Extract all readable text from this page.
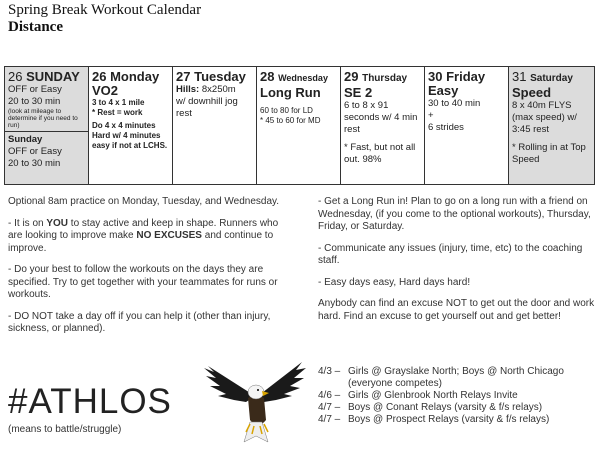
Spring Break Workout Calendar
Distance
26 SUNDAY
OFF or Easy
20 to 30 min
(look at mileage to determine if you need to run)
Sunday
OFF or Easy
20 to 30 min

26 Monday
VO2
3 to 4 x 1 mile
* Rest = work
Do 4 x 4 minutes Hard w/ 4 minutes easy if not at LCHS.

27 Tuesday
Hills: 8x250m
w/ downhill jog rest

28 Wednesday
Long Run
60 to 80 for LD
* 45 to 60 for MD

29 Thursday
SE 2
6 to 8 x 91 seconds w/ 4 min rest
* Fast, but not all out. 98%

30 Friday
Easy
30 to 40 min
+
6 strides

31 Saturday
Speed
8 x 40m FLYS (max speed) w/ 3:45 rest
* Rolling in at Top Speed

Optional 8am practice on Monday, Tuesday, and Wednesday.

- It is on YOU to stay active and keep in shape. Runners who are looking to improve make NO EXCUSES and continue to improve.

- Do your best to follow the workouts on the days they are specified. Try to get together with your teammates for runs or workouts.

- DO NOT take a day off if you can help it (other than injury, sickness, or planned).

- Get a Long Run in! Plan to go on a long run with a friend on Wednesday, (if you come to the optional workouts), Thursday, Friday, or Saturday.

- Communicate any issues (injury, time, etc) to the coaching staff.

- Easy days easy, Hard days hard!

Anybody can find an excuse NOT to get out the door and work hard. Find an excuse to get yourself out and get better!

#ATHLOS
(means to battle/struggle)
4/3 – Girls @ Grayslake North; Boys @ North Chicago (everyone competes)
4/6 – Girls @ Glenbrook North Relays Invite
4/7 – Boys @ Conant Relays (varsity & f/s relays)
4/7 – Boys @ Prospect Relays (varsity & f/s relays)
